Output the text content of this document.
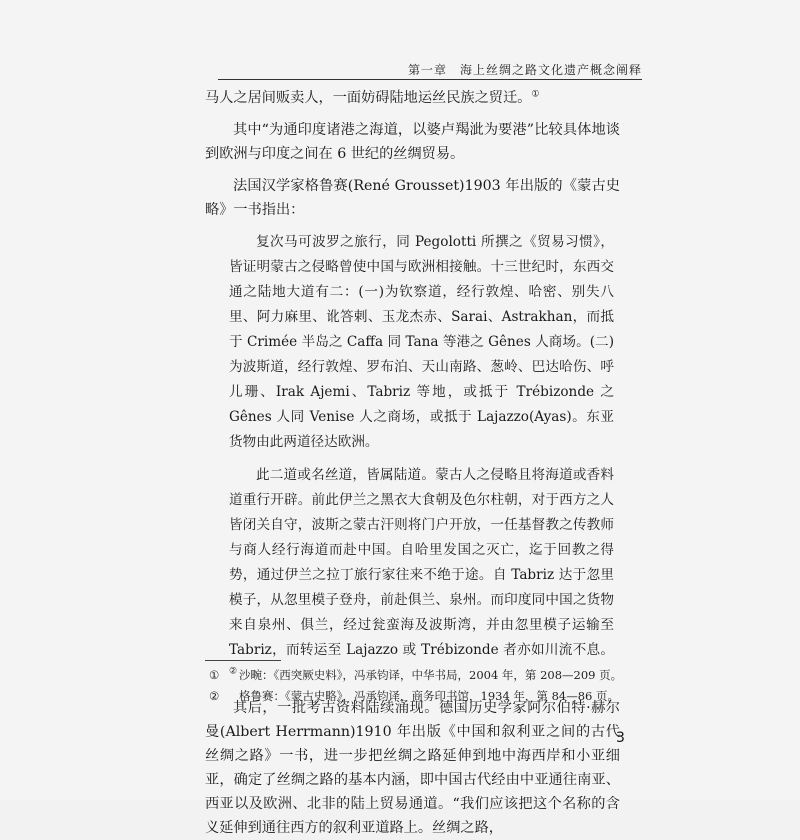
第一章　海上丝绸之路文化遗产概念阐释

马人之居间贩卖人，一面妨碍陆地运丝民族之贸迁。①

其中“为通印度诸港之海道，以婆卢羯泚为要港”比较具体地谈到欧洲与印度之间在 6 世纪的丝绸贸易。

法国汉学家格鲁赛(René Grousset)1903 年出版的《蒙古史略》一书指出：

复次马可波罗之旅行，同 Pegolotti 所撰之《贸易习惯》，皆证明蒙古之侵略曾使中国与欧洲相接触。十三世纪时，东西交通之陆地大道有二：(一)为钦察道，经行敦煌、哈密、别失八里、阿力麻里、讹答剌、玉龙杰赤、Sarai、Astrakhan，而抵于 Crimée 半岛之 Caffa 同 Tana 等港之 Gênes 人商场。(二)为波斯道，经行敦煌、罗布泊、天山南路、葱岭、巴达哈伤、呼儿珊、Irak Ajemi、Tabriz 等地，或抵于 Trébizonde 之 Gênes 人同 Venise 人之商场，或抵于 Lajazzo(Ayas)。东亚货物由此两道径达欧洲。

此二道或名丝道，皆属陆道。蒙古人之侵略且将海道或香料道重行开辟。前此伊兰之黑衣大食朝及色尔柱朝，对于西方之人皆闭关自守，波斯之蒙古汗则将门户开放，一任基督教之传教师与商人经行海道而赴中国。自哈里发国之灭亡，迄于回教之得势，通过伊兰之拉丁旅行家往来不绝于途。自 Tabriz 达于忽里模子，从忽里模子登舟，前赴俱兰、泉州。而印度同中国之货物来自泉州、俱兰，经过瓮蛮海及波斯湾，并由忽里模子运输至 Tabriz，而转运至 Lajazzo 或 Trébizonde 者亦如川流不息。②

其后，一批考古资料陆续涌现。德国历史学家阿尔伯特·赫尔曼(Albert Herrmann)1910 年出版《中国和叙利亚之间的古代丝绸之路》一书，进一步把丝绸之路延伸到地中海西岸和小亚细亚，确定了丝绸之路的基本内涵，即中国古代经由中亚通往南亚、西亚以及欧洲、北非的陆上贸易通道。“我们应该把这个名称的含义延伸到通往西方的叙利亚道路上。丝绸之路，

①	沙畹：《西突厥史料》，冯承钧译，中华书局，2004 年，第 208—209 页。
②	格鲁赛：《蒙古史略》，冯承钧译，商务印书馆，1934 年，第 84—86 页。
3
